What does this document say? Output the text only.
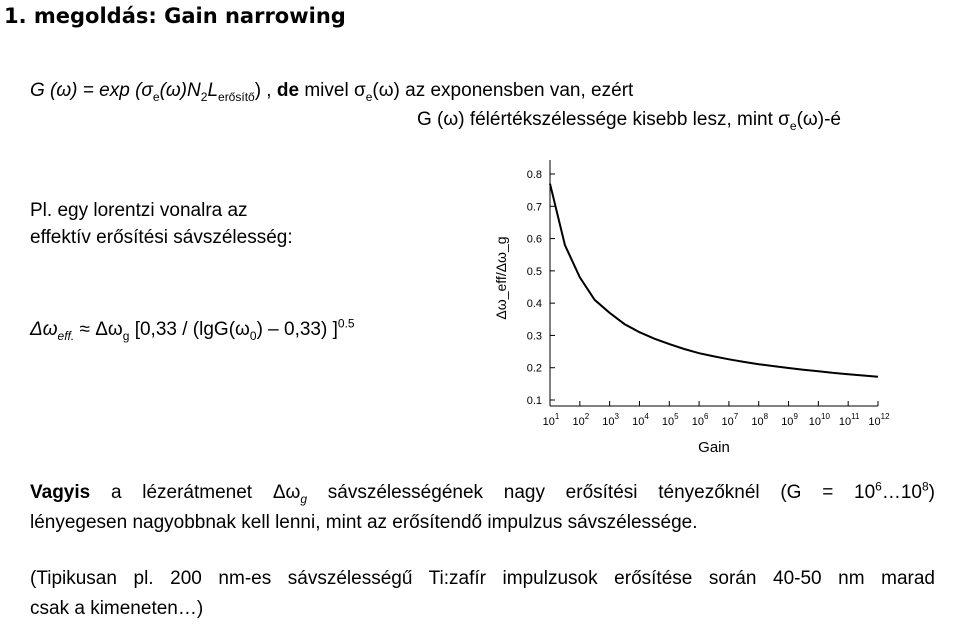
1. megoldás: Gain narrowing
G $(\omega) = \exp (\sigma_e(\omega)N_2L_{erősítő})$ , de mivel $\sigma_e(\omega)$ az exponensben van, ezért
G (ω) félértékszélessége kisebb lesz, mint $\sigma_e(\omega)-é$
Pl. egy lorentzi vonalra az
effektív erősítési sávszélesség:
$\Delta\omega_{eff.} \approx \Delta\omega_g$ [$0,33 / (\lg G(\omega_0) - 0,33)$ ]$^{0.5}$
0.1
0.2
0.3
0.4
0.5
0.6
0.7
0.8
$10^1$ $10^2$ $10^3$ $10^4$ $10^5$ $10^6$ $10^7$ $10^8$ $10^9$ $10^{10}$ $10^{11}$ $10^{12}$
Δω_eff/Δω_g
Gain
Vagyis a lézerátmenet $\Delta\omega_g$ sávszélességének nagy erősítési tényezőknél $(G = 10^6\dots 10^8)$
lényegesen nagyobbnak kell lenni, mint az erősítendő impulzus sávszélessége.
(Tipikusan pl. 200 nm-es sávszélességű Ti:zafír impulzusok erősítése során 40-50 nm marad
csak a kimeneten…)
